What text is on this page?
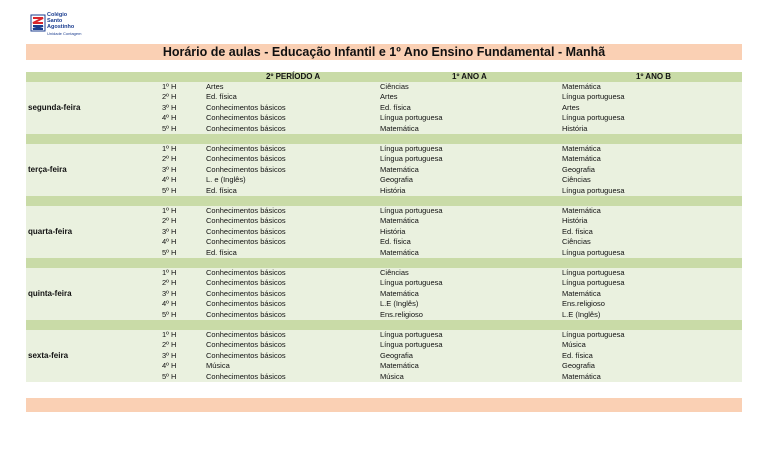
Colégio
Santo
Agostinho
Unidade Contagem
Horário de aulas - Educação Infantil e 1º Ano Ensino Fundamental - Manhã
2º PERÍODO A	1º ANO A	1º ANO B
segunda-feira
1º H	Artes	Ciências	Matemática
2º H	Ed. física	Artes	Língua portuguesa
3º H	Conhecimentos básicos	Ed. física	Artes
4º H	Conhecimentos básicos	Língua portuguesa	Língua portuguesa
5º H	Conhecimentos básicos	Matemática	História
terça-feira
1º H	Conhecimentos básicos	Língua portuguesa	Matemática
2º H	Conhecimentos básicos	Língua portuguesa	Matemática
3º H	Conhecimentos básicos	Matemática	Geografia
4º H	L. e (Inglês)	Geografia	Ciências
5º H	Ed. física	História	Língua portuguesa
quarta-feira
1º H	Conhecimentos básicos	Língua portuguesa	Matemática
2º H	Conhecimentos básicos	Matemática	História
3º H	Conhecimentos básicos	História	Ed. física
4º H	Conhecimentos básicos	Ed. física	Ciências
5º H	Ed. física	Matemática	Língua portuguesa
quinta-feira
1º H	Conhecimentos básicos	Ciências	Língua portuguesa
2º H	Conhecimentos básicos	Língua portuguesa	Língua portuguesa
3º H	Conhecimentos básicos	Matemática	Matemática
4º H	Conhecimentos básicos	L.E (Inglês)	Ens.religioso
5º H	Conhecimentos básicos	Ens.religioso	L.E (Inglês)
sexta-feira
1º H	Conhecimentos básicos	Língua portuguesa	Língua portuguesa
2º H	Conhecimentos básicos	Língua portuguesa	Música
3º H	Conhecimentos básicos	Geografia	Ed. física
4º H	Música	Matemática	Geografia
5º H	Conhecimentos básicos	Música	Matemática
